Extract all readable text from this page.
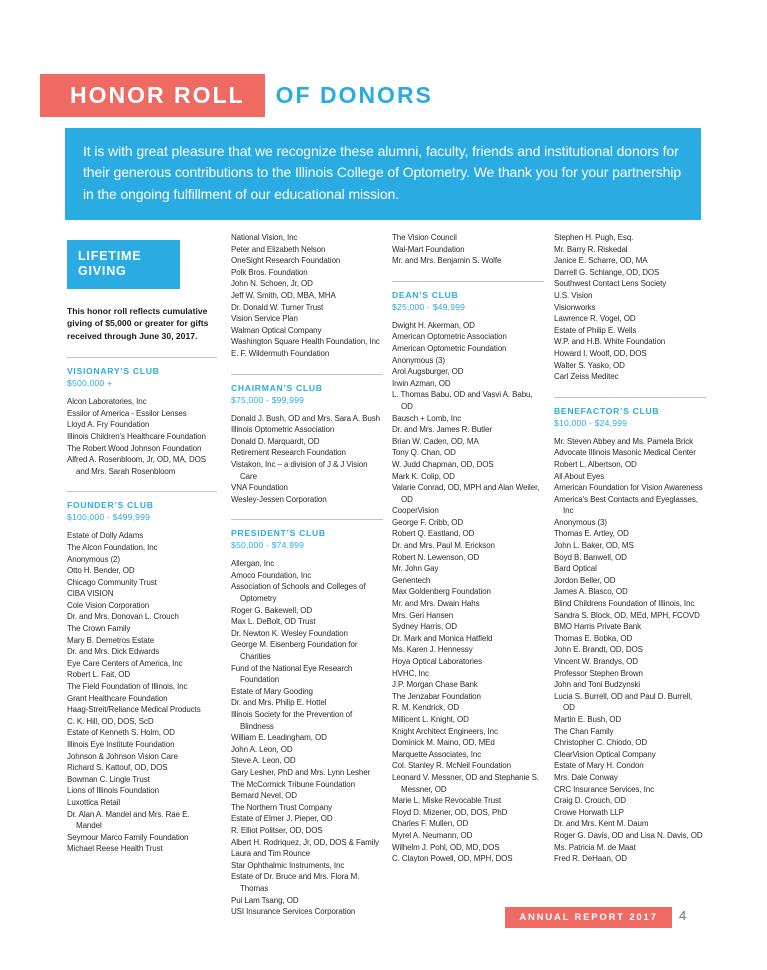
HONOR ROLL OF DONORS

It is with great pleasure that we recognize these alumni, faculty, friends and institutional donors for their generous contributions to the Illinois College of Optometry. We thank you for your partnership in the ongoing fulfillment of our educational mission.

LIFETIME
GIVING

This honor roll reflects cumulative giving of $5,000 or greater for gifts received through June 30, 2017.

VISIONARY’S CLUB
$500,000 +
Alcon Laboratories, Inc
Essilor of America - Essilor Lenses
Lloyd A. Fry Foundation
Illinois Children's Healthcare Foundation
The Robert Wood Johnson Foundation
Alfred A. Rosenbloom, Jr, OD, MA, DOS and Mrs. Sarah Rosenbloom
FOUNDER’S CLUB
$100,000 - $499,999
Estate of Dolly Adams
The Alcon Foundation, Inc
Anonymous (2)
Otto H. Bender, OD
Chicago Community Trust
CIBA VISION
Cole Vision Corporation
Dr. and Mrs. Donovan L. Crouch
The Crown Family
Mary B. Demetros Estate
Dr. and Mrs. Dick Edwards
Eye Care Centers of America, Inc
Robert L. Fait, OD
The Field Foundation of Illinois, Inc
Grant Healthcare Foundation
Haag-Streit/Reliance Medical Products
C. K. Hill, OD, DOS, ScD
Estate of Kenneth S. Holm, OD
Illinois Eye Institute Foundation
Johnson & Johnson Vision Care
Richard S. Kattouf, OD, DOS
Bowman C. Lingle Trust
Lions of Illinois Foundation
Luxottica Retail
Dr. Alan A. Mandel and Mrs. Rae E. Mandel
Seymour Marco Family Foundation
Michael Reese Health Trust
National Vision, Inc
Peter and Elizabeth Nelson
OneSight Research Foundation
Polk Bros. Foundation
John N. Schoen, Jr, OD
Jeff W. Smith, OD, MBA, MHA
Dr. Donald W. Turner Trust
Vision Service Plan
Walman Optical Company
Washington Square Health Foundation, Inc
E. F. Wildermuth Foundation
CHAIRMAN’S CLUB
$75,000 - $99,999
Donald J. Bush, OD and Mrs. Sara A. Bush
Illinois Optometric Association
Donald D. Marquardt, OD
Retirement Research Foundation
Vistakon, Inc – a division of J & J Vision Care
VNA Foundation
Wesley-Jessen Corporation
PRESIDENT’S CLUB
$50,000 - $74,999
Allergan, Inc
Amoco Foundation, Inc
Association of Schools and Colleges of Optometry
Roger G. Bakewell, OD
Max L. DeBolt, OD Trust
Dr. Newton K. Wesley Foundation
George M. Eisenberg Foundation for Charities
Fund of the National Eye Research Foundation
Estate of Mary Gooding
Dr. and Mrs. Philip E. Hottel
Illinois Society for the Prevention of Blindness
William E. Leadingham, OD
John A. Leon, OD
Steve A. Leon, OD
Gary Lesher, PhD and Mrs. Lynn Lesher
The McCormick Tribune Foundation
Bernard Nevel, OD
The Northern Trust Company
Estate of Elmer J. Pieper, OD
R. Elliot Politser, OD, DOS
Albert H. Rodriquez, Jr, OD, DOS & Family
Laura and Tim Rounce
Star Ophthalmic Instruments, Inc
Estate of Dr. Bruce and Mrs. Flora M. Thomas
Pui Lam Tsang, OD
USI Insurance Services Corporation
The Vision Council
Wal-Mart Foundation
Mr. and Mrs. Benjamin S. Wolfe
DEAN’S CLUB
$25,000 - $49,999
Dwight H. Akerman, OD
American Optometric Association
American Optometric Foundation
Anonymous (3)
Arol Augsburger, OD
Irwin Azman, OD
L. Thomas Babu, OD and Vasvi A. Babu, OD
Bausch + Lomb, Inc
Dr. and Mrs. James R. Butler
Brian W. Caden, OD, MA
Tony Q. Chan, OD
W. Judd Chapman, OD, DOS
Mark K. Colip, OD
Valarie Conrad, OD, MPH and Alan Weiler, OD
CooperVision
George F. Cribb, OD
Robert Q. Eastland, OD
Dr. and Mrs. Paul M. Erickson
Robert N. Lewenson, OD
Mr. John Gay
Genentech
Max Goldenberg Foundation
Mr. and Mrs. Dwain Hahs
Mrs. Geri Hansen
Sydney Harris, OD
Dr. Mark and Monica Hatfield
Ms. Karen J. Hennessy
Hoya Optical Laboratories
HVHC, Inc
J.P. Morgan Chase Bank
The Jenzabar Foundation
R. M. Kendrick, OD
Millicent L. Knight, OD
Knight Architect Engineers, Inc
Dominick M. Maino, OD, MEd
Marquette Associates, Inc
Col. Stanley R. McNeil Foundation
Leonard V. Messner, OD and Stephanie S. Messner, OD
Marie L. Miske Revocable Trust
Floyd D. Mizener, OD, DOS, PhD
Charles F. Mullen, OD
Myrel A. Neumann, OD
Wilhelm J. Pohl, OD, MD, DOS
C. Clayton Powell, OD, MPH, DOS
Stephen H. Pugh, Esq.
Mr. Barry R. Riskedal
Janice E. Scharre, OD, MA
Darrell G. Schlange, OD, DOS
Southwest Contact Lens Society
U.S. Vision
Visionworks
Lawrence R. Vogel, OD
Estate of Philip E. Wells
W.P. and H.B. White Foundation
Howard I. Woolf, OD, DOS
Walter S. Yasko, OD
Carl Zeiss Meditec
BENEFACTOR’S CLUB
$10,000 - $24,999
Mr. Steven Abbey and Ms. Pamela Brick
Advocate Illinois Masonic Medical Center
Robert L. Albertson, OD
All About Eyes
American Foundation for Vision Awareness
America's Best Contacts and Eyeglasses, Inc
Anonymous (3)
Thomas E. Artley, OD
John L. Baker, OD, MS
Boyd B. Banwell, OD
Bard Optical
Jordon Beller, OD
James A. Blasco, OD
Blind Childrens Foundation of Illinois, Inc
Sandra S. Block, OD, MEd, MPH, FCOVD
BMO Harris Private Bank
Thomas E. Bobka, OD
John E. Brandt, OD, DOS
Vincent W. Brandys, OD
Professor Stephen Brown
John and Toni Budzynski
Lucia S. Burrell, OD and Paul D. Burrell, OD
Martin E. Bush, OD
The Chan Family
Christopher C. Chiodo, OD
ClearVision Optical Company
Estate of Mary H. Condon
Mrs. Dale Conway
CRC Insurance Services, Inc
Craig D. Crouch, OD
Crowe Horwath LLP
Dr. and Mrs. Kent M. Daum
Roger G. Davis, OD and Lisa N. Davis, OD
Ms. Patricia M. de Maat
Fred R. DeHaan, OD
ANNUAL REPORT 2017 4
